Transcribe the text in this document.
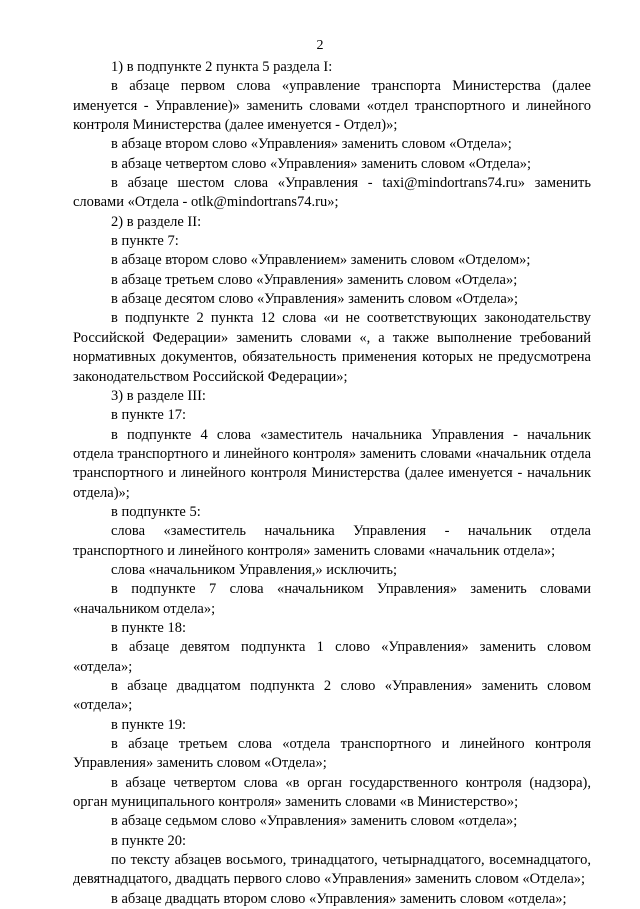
2

1) в подпункте 2 пункта 5 раздела I:

в абзаце первом слова «управление транспорта Министерства (далее именуется - Управление)» заменить словами «отдел транспортного и линейного контроля Министерства (далее именуется - Отдел)»;

в абзаце втором слово «Управления» заменить словом «Отдела»;

в абзаце четвертом слово «Управления» заменить словом «Отдела»;

в абзаце шестом слова «Управления - taxi@mindortrans74.ru» заменить словами «Отдела - otlk@mindortrans74.ru»;

2) в разделе II:

в пункте 7:

в абзаце втором слово «Управлением» заменить словом «Отделом»;

в абзаце третьем слово «Управления» заменить словом «Отдела»;

в абзаце десятом слово «Управления» заменить словом «Отдела»;

в подпункте 2 пункта 12 слова «и не соответствующих законодательству Российской Федерации» заменить словами «, а также выполнение требований нормативных документов, обязательность применения которых не предусмотрена законодательством Российской Федерации»;

3) в разделе III:

в пункте 17:

в подпункте 4 слова «заместитель начальника Управления - начальник отдела транспортного и линейного контроля» заменить словами «начальник отдела транспортного и линейного контроля Министерства (далее именуется - начальник отдела)»;

в подпункте 5:

слова «заместитель начальника Управления - начальник отдела транспортного и линейного контроля» заменить словами «начальник отдела»;

слова «начальником Управления,» исключить;

в подпункте 7 слова «начальником Управления» заменить словами «начальником отдела»;

в пункте 18:

в абзаце девятом подпункта 1 слово «Управления» заменить словом «отдела»;

в абзаце двадцатом подпункта 2 слово «Управления» заменить словом «отдела»;

в пункте 19:

в абзаце третьем слова «отдела транспортного и линейного контроля Управления» заменить словом «Отдела»;

в абзаце четвертом слова «в орган государственного контроля (надзора), орган муниципального контроля» заменить словами «в Министерство»;

в абзаце седьмом слово «Управления» заменить словом «отдела»;

в пункте 20:

по тексту абзацев восьмого, тринадцатого, четырнадцатого, восемнадцатого, девятнадцатого, двадцать первого слово «Управления» заменить словом «Отдела»;

в абзаце двадцать втором слово «Управления» заменить словом «отдела»;
